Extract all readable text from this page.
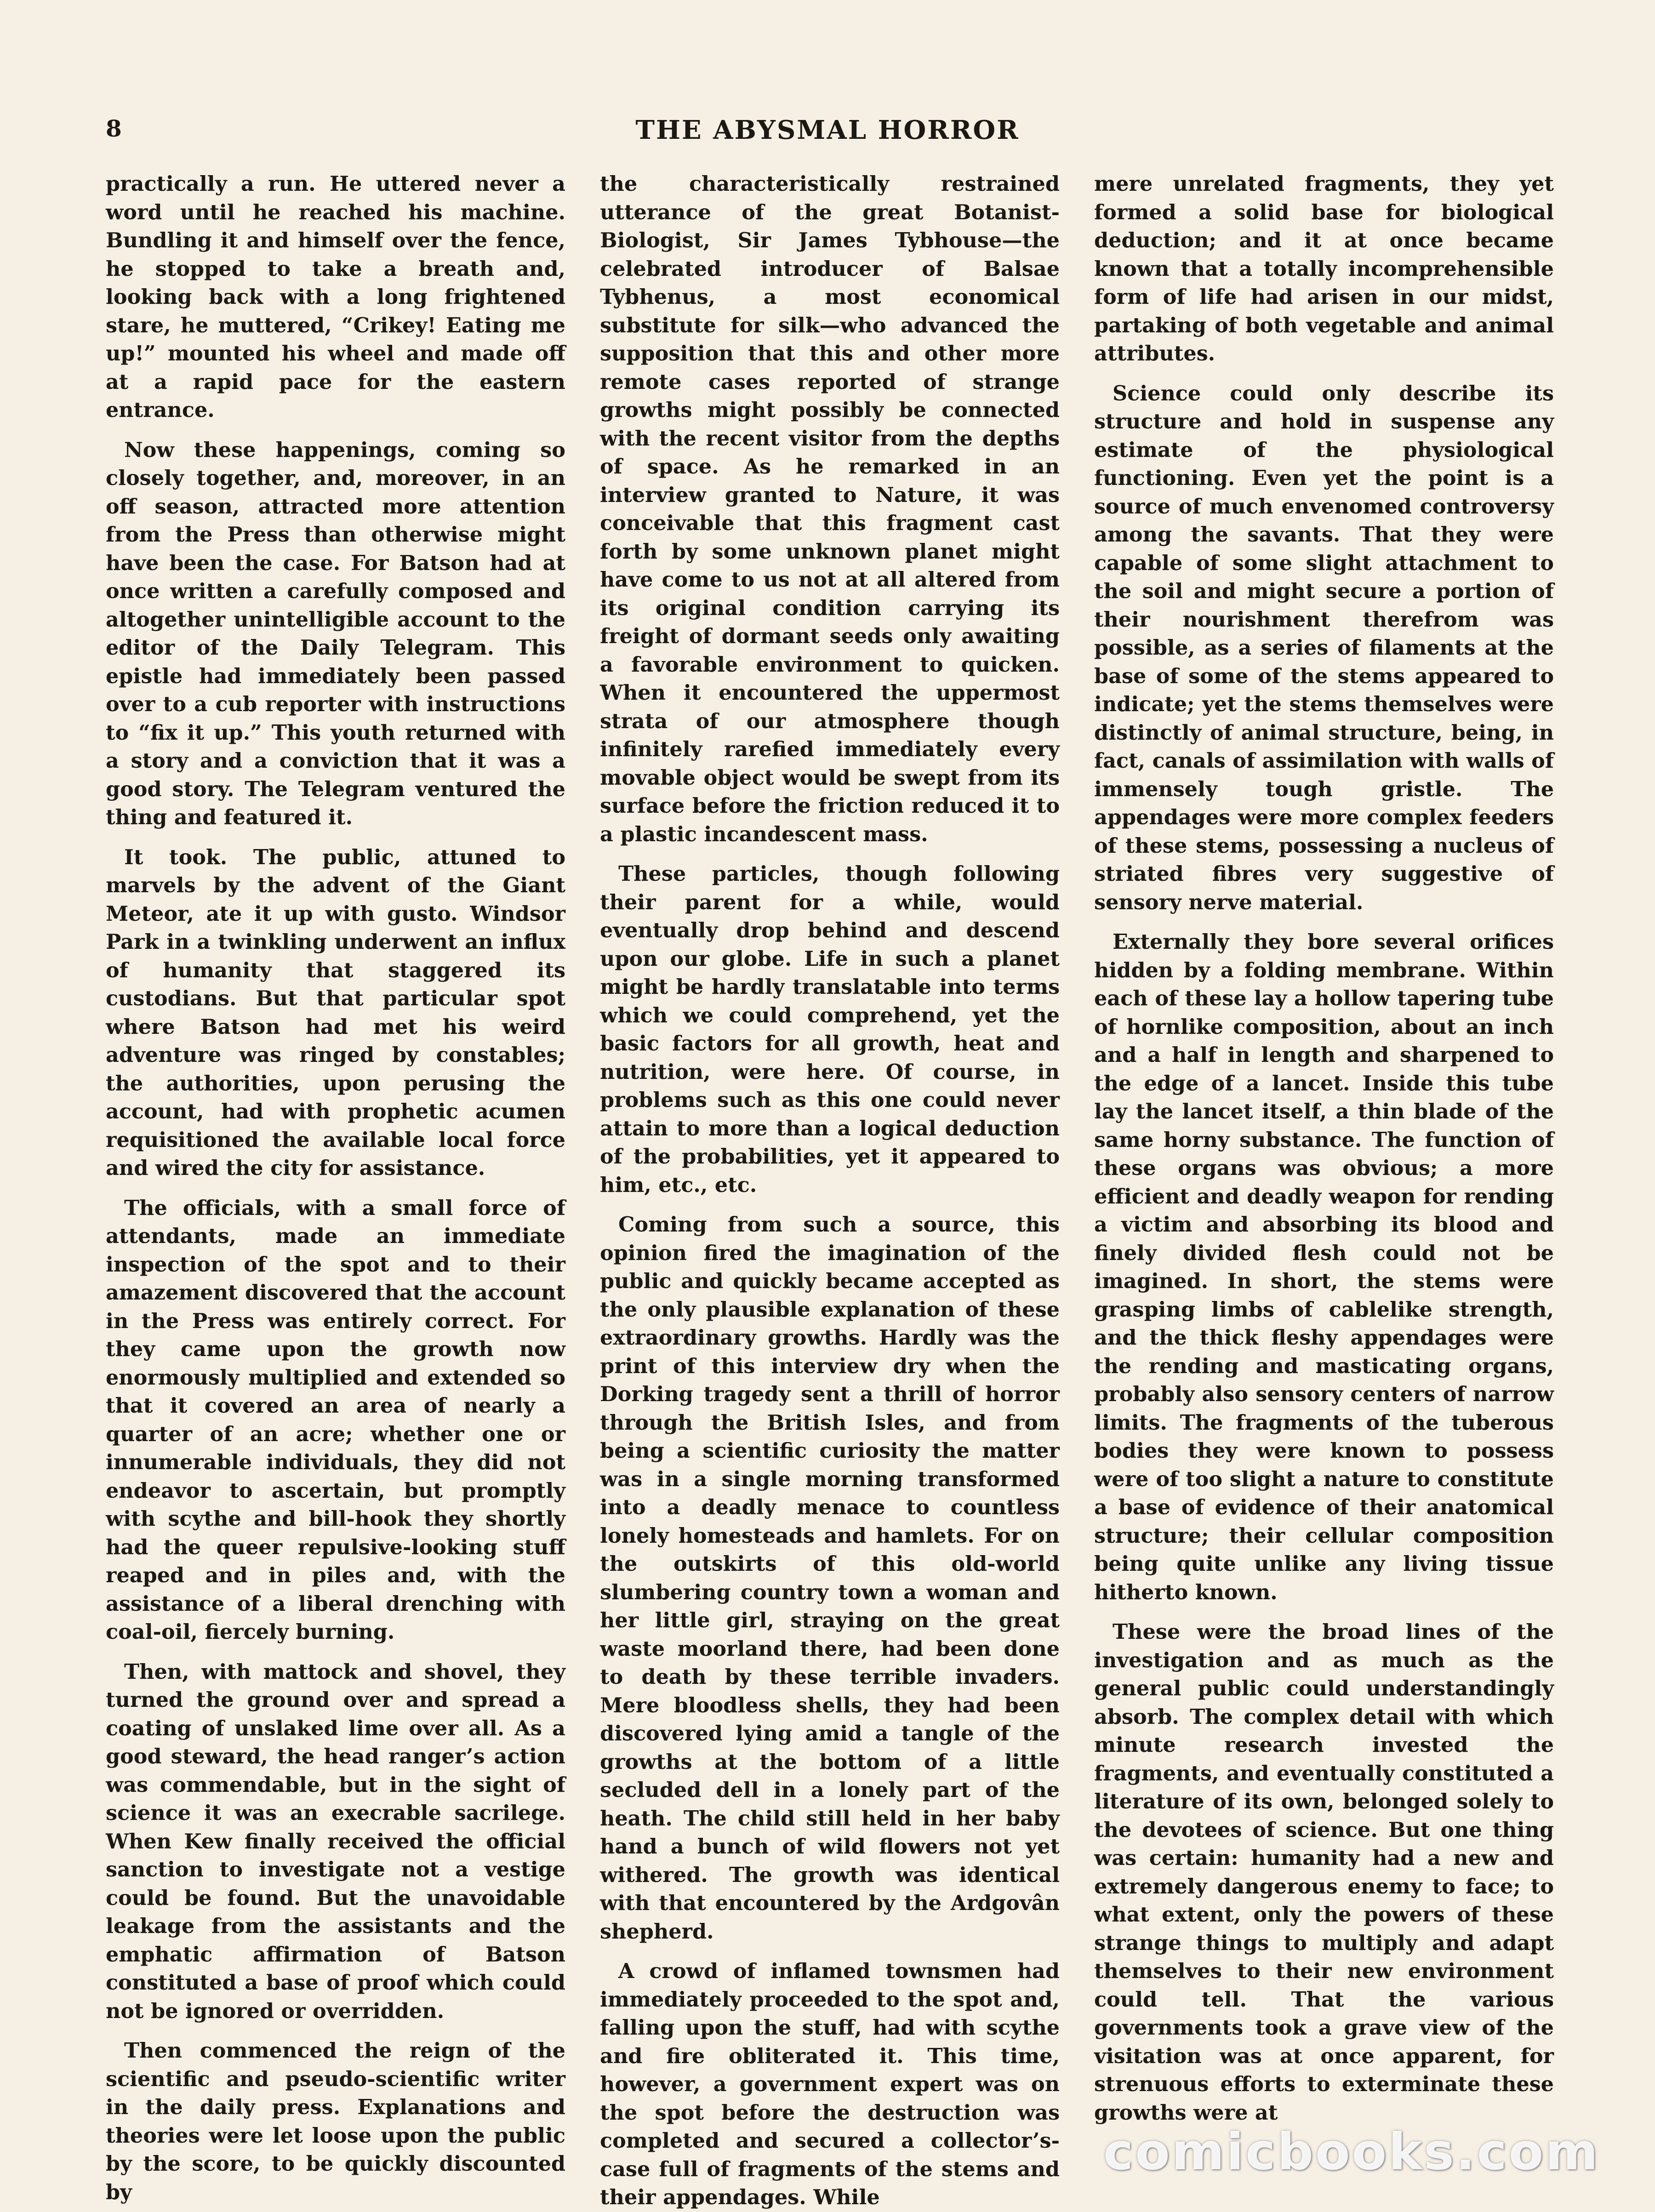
8	THE ABYSMAL HORROR

practically a run. He uttered never a word until he reached his machine. Bundling it and himself over the fence, he stopped to take a breath and, looking back with a long frightened stare, he muttered, “Crikey! Eating me up!” mounted his wheel and made off at a rapid pace for the eastern entrance.

Now these happenings, coming so closely together, and, moreover, in an off season, attracted more attention from the Press than otherwise might have been the case. For Batson had at once written a carefully composed and altogether unintelligible account to the editor of the Daily Telegram. This epistle had immediately been passed over to a cub reporter with instructions to “fix it up.” This youth returned with a story and a conviction that it was a good story. The Telegram ventured the thing and featured it.

It took. The public, attuned to marvels by the advent of the Giant Meteor, ate it up with gusto. Windsor Park in a twinkling underwent an influx of humanity that staggered its custodians. But that particular spot where Batson had met his weird adventure was ringed by constables; the authorities, upon perusing the account, had with prophetic acumen requisitioned the available local force and wired the city for assistance.

The officials, with a small force of attendants, made an immediate inspection of the spot and to their amazement discovered that the account in the Press was entirely correct. For they came upon the growth now enormously multiplied and extended so that it covered an area of nearly a quarter of an acre; whether one or innumerable individuals, they did not endeavor to ascertain, but promptly with scythe and bill-hook they shortly had the queer repulsive-looking stuff reaped and in piles and, with the assistance of a liberal drenching with coal-oil, fiercely burning.

Then, with mattock and shovel, they turned the ground over and spread a coating of unslaked lime over all. As a good steward, the head ranger’s action was commendable, but in the sight of science it was an execrable sacrilege. When Kew finally received the official sanction to investigate not a vestige could be found. But the unavoidable leakage from the assistants and the emphatic affirmation of Batson constituted a base of proof which could not be ignored or overridden.

Then commenced the reign of the scientific and pseudo-scientific writer in the daily press. Explanations and theories were let loose upon the public by the score, to be quickly discounted by

the characteristically restrained utterance of the great Botanist-Biologist, Sir James Tybhouse—the celebrated introducer of Balsae Tybhenus, a most economical substitute for silk—who advanced the supposition that this and other more remote cases reported of strange growths might possibly be connected with the recent visitor from the depths of space. As he remarked in an interview granted to Nature, it was conceivable that this fragment cast forth by some unknown planet might have come to us not at all altered from its original condition carrying its freight of dormant seeds only awaiting a favorable environment to quicken. When it encountered the uppermost strata of our atmosphere though infinitely rarefied immediately every movable object would be swept from its surface before the friction reduced it to a plastic incandescent mass.

These particles, though following their parent for a while, would eventually drop behind and descend upon our globe. Life in such a planet might be hardly translatable into terms which we could comprehend, yet the basic factors for all growth, heat and nutrition, were here. Of course, in problems such as this one could never attain to more than a logical deduction of the probabilities, yet it appeared to him, etc., etc.

Coming from such a source, this opinion fired the imagination of the public and quickly became accepted as the only plausible explanation of these extraordinary growths. Hardly was the print of this interview dry when the Dorking tragedy sent a thrill of horror through the British Isles, and from being a scientific curiosity the matter was in a single morning transformed into a deadly menace to countless lonely homesteads and hamlets. For on the outskirts of this old-world slumbering country town a woman and her little girl, straying on the great waste moorland there, had been done to death by these terrible invaders. Mere bloodless shells, they had been discovered lying amid a tangle of the growths at the bottom of a little secluded dell in a lonely part of the heath. The child still held in her baby hand a bunch of wild flowers not yet withered. The growth was identical with that encountered by the Ardgovân shepherd.

A crowd of inflamed townsmen had immediately proceeded to the spot and, falling upon the stuff, had with scythe and fire obliterated it. This time, however, a government expert was on the spot before the destruction was completed and secured a collector’s-case full of fragments of the stems and their appendages. While

mere unrelated fragments, they yet formed a solid base for biological deduction; and it at once became known that a totally incomprehensible form of life had arisen in our midst, partaking of both vegetable and animal attributes.

Science could only describe its structure and hold in suspense any estimate of the physiological functioning. Even yet the point is a source of much envenomed controversy among the savants. That they were capable of some slight attachment to the soil and might secure a portion of their nourishment therefrom was possible, as a series of filaments at the base of some of the stems appeared to indicate; yet the stems themselves were distinctly of animal structure, being, in fact, canals of assimilation with walls of immensely tough gristle. The appendages were more complex feeders of these stems, possessing a nucleus of striated fibres very suggestive of sensory nerve material.

Externally they bore several orifices hidden by a folding membrane. Within each of these lay a hollow tapering tube of hornlike composition, about an inch and a half in length and sharpened to the edge of a lancet. Inside this tube lay the lancet itself, a thin blade of the same horny substance. The function of these organs was obvious; a more efficient and deadly weapon for rending a victim and absorbing its blood and finely divided flesh could not be imagined. In short, the stems were grasping limbs of cablelike strength, and the thick fleshy appendages were the rending and masticating organs, probably also sensory centers of narrow limits. The fragments of the tuberous bodies they were known to possess were of too slight a nature to constitute a base of evidence of their anatomical structure; their cellular composition being quite unlike any living tissue hitherto known.

These were the broad lines of the investigation and as much as the general public could understandingly absorb. The complex detail with which minute research invested the fragments, and eventually constituted a literature of its own, belonged solely to the devotees of science. But one thing was certain: humanity had a new and extremely dangerous enemy to face; to what extent, only the powers of these strange things to multiply and adapt themselves to their new environment could tell. That the various governments took a grave view of the visitation was at once apparent, for strenuous efforts to exterminate these growths were at

comicbooks.com
